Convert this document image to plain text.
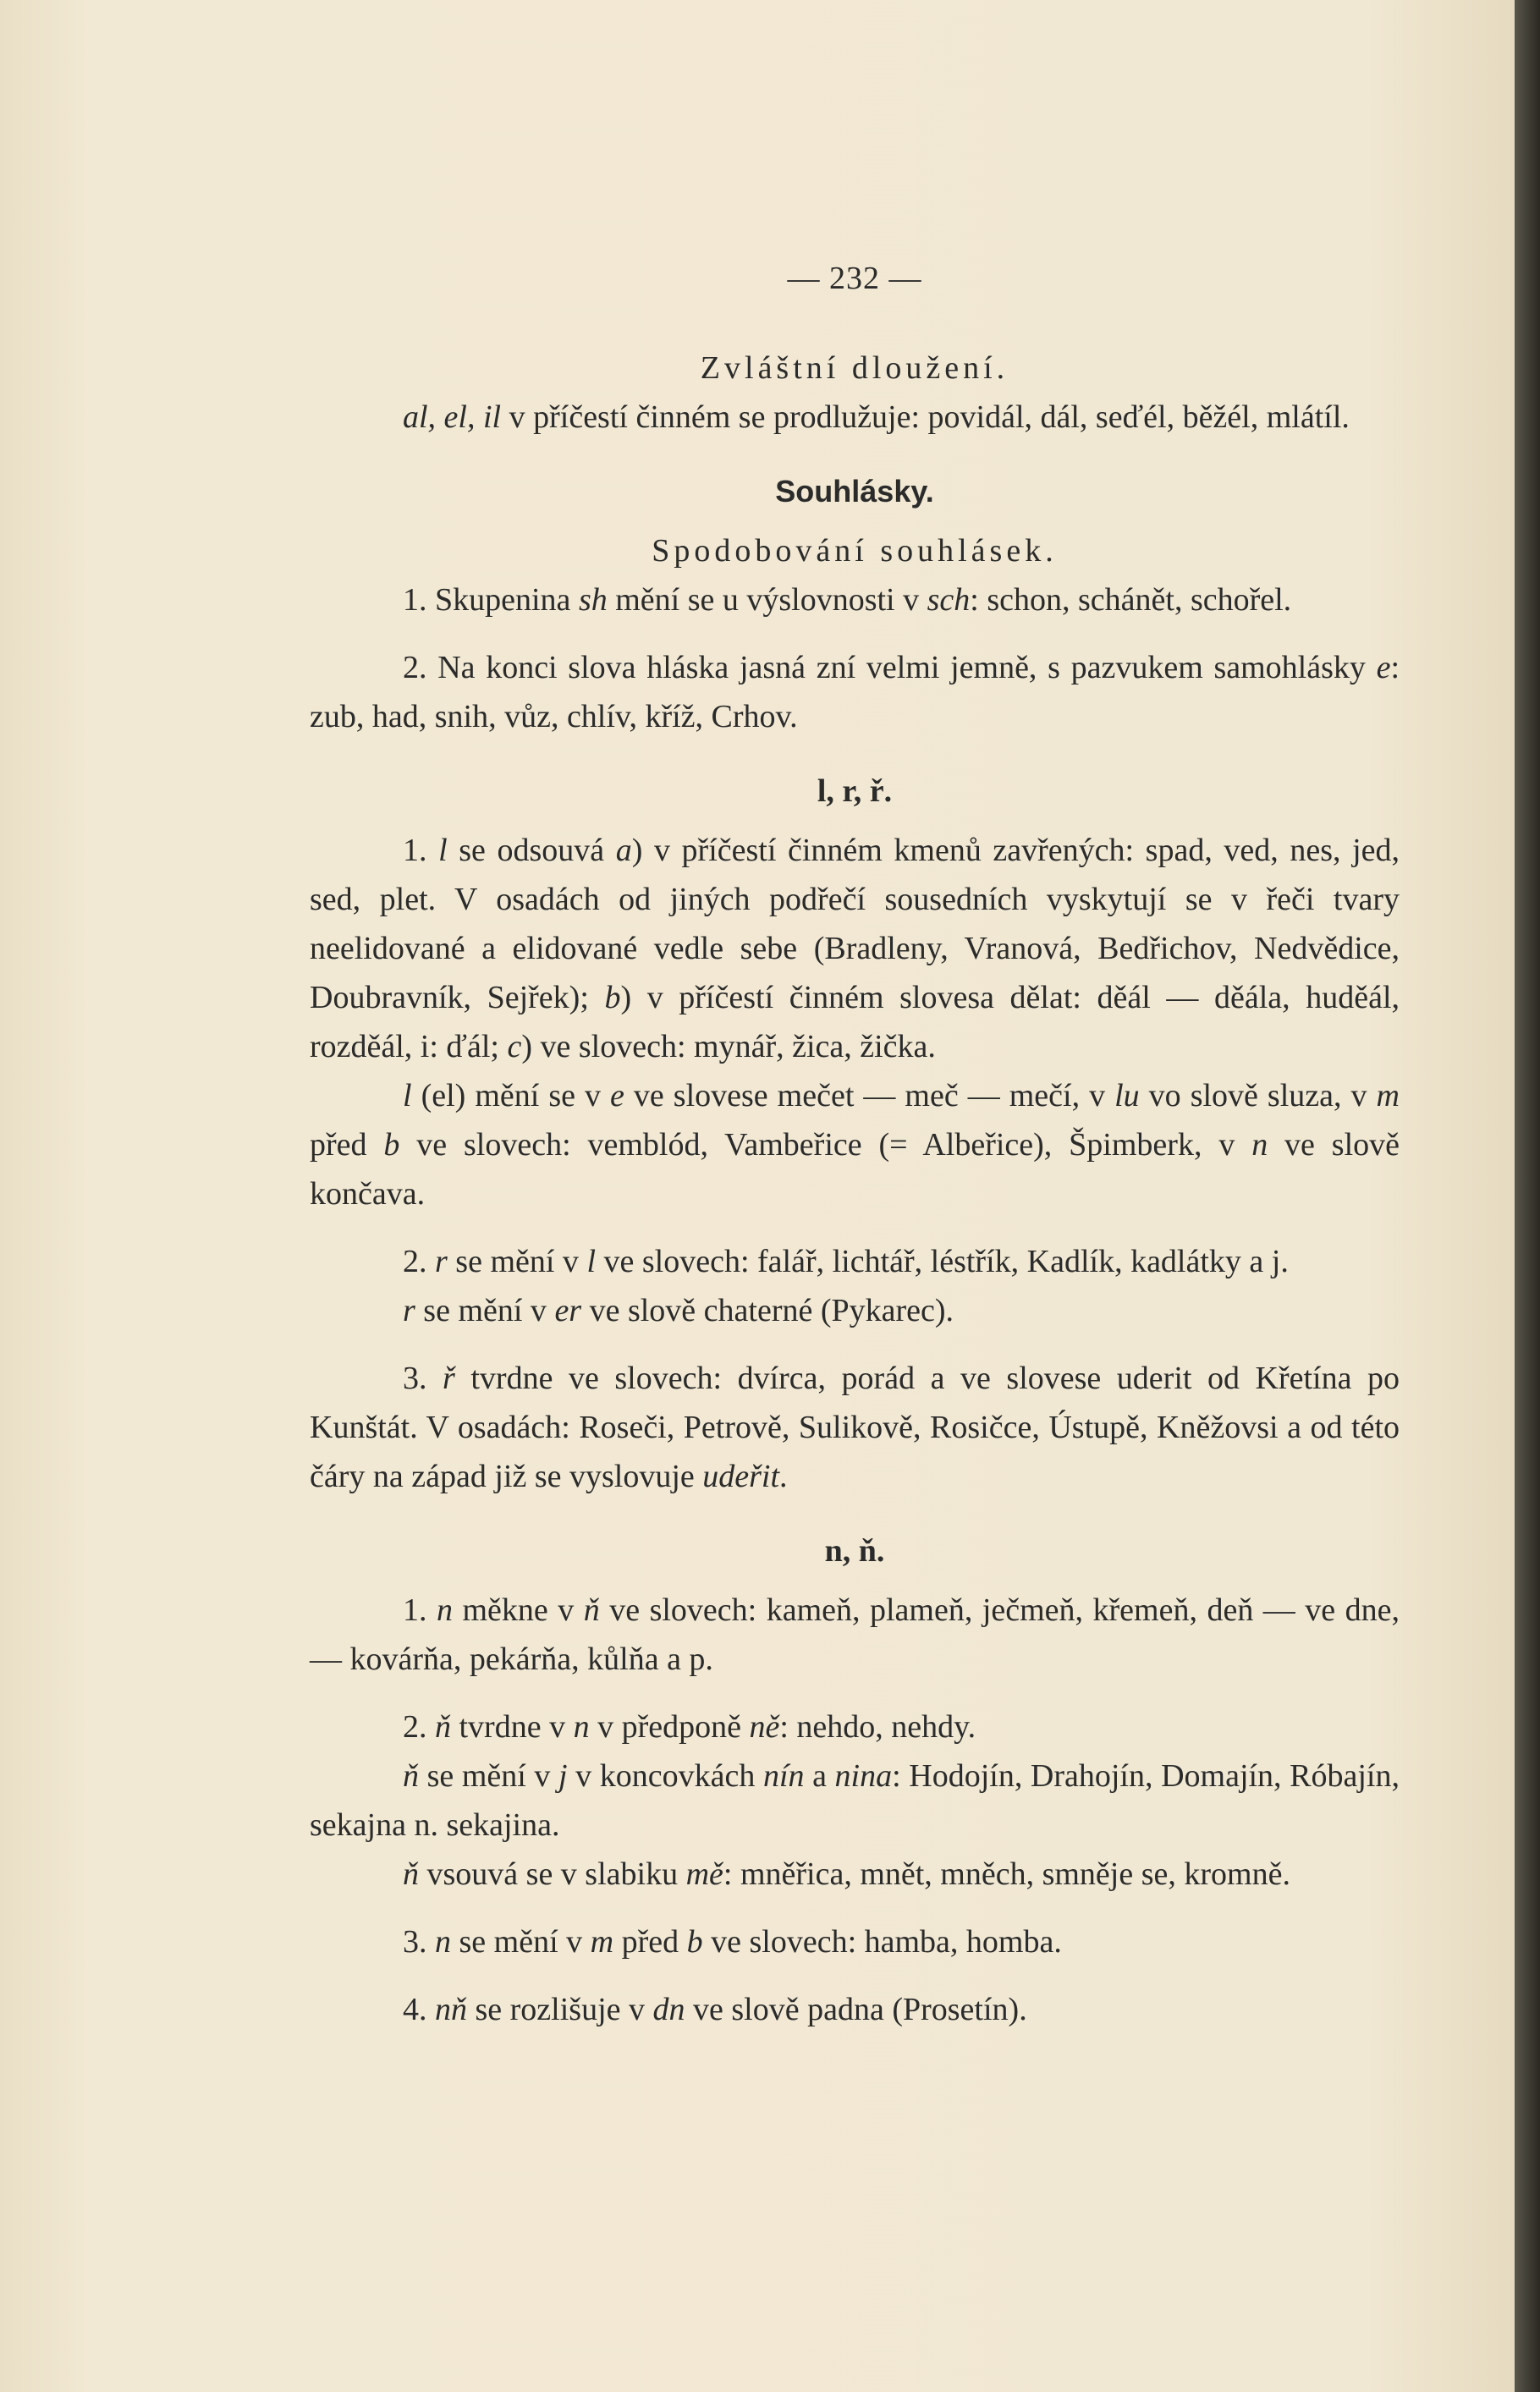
— 232 —
Zvláštní dloužení.

al, el, il v příčestí činném se prodlužuje: povidál, dál, seďél, běžél, mlátíl.

Souhlásky.
Spodobování souhlásek.

1. Skupenina sh mění se u výslovnosti v sch: schon, schánět, schořel.

2. Na konci slova hláska jasná zní velmi jemně, s pazvukem samohlásky e: zub, had, snih, vůz, chlív, kříž, Crhov.

l, r, ř.

1. l se odsouvá a) v příčestí činném kmenů zavřených: spad, ved, nes, jed, sed, plet. V osadách od jiných podřečí sousedních vyskytují se v řeči tvary neelidované a elidované vedle sebe (Bradleny, Vranová, Bedřichov, Nedvědice, Doubravník, Sejřek); b) v příčestí činném slovesa dělat: děál — děála, huděál, rozděál, i: ďál; c) ve slovech: mynář, žica, žička.

l (el) mění se v e ve slovese mečet — meč — mečí, v lu vo slově sluza, v m před b ve slovech: vemblód, Vambeřice (= Albeřice), Špimberk, v n ve slově končava.

2. r se mění v l ve slovech: falář, lichtář, léstřík, Kadlík, kadlátky a j.

r se mění v er ve slově chaterné (Pykarec).

3. ř tvrdne ve slovech: dvírca, porád a ve slovese uderit od Křetína po Kunštát. V osadách: Roseči, Petrově, Sulikově, Rosičce, Ústupě, Kněžovsi a od této čáry na západ již se vyslovuje udeřit.

n, ň.

1. n měkne v ň ve slovech: kameň, plameň, ječmeň, křemeň, deň — ve dne, — kovárňa, pekárňa, kůlňa a p.

2. ň tvrdne v n v předponě ně: nehdo, nehdy.

ň se mění v j v koncovkách nín a nina: Hodojín, Drahojín, Domajín, Róbajín, sekajna n. sekajina.

ň vsouvá se v slabiku mě: mněřica, mnět, mněch, smněje se, kromně.

3. n se mění v m před b ve slovech: hamba, homba.

4. nň se rozlišuje v dn ve slově padna (Prosetín).
